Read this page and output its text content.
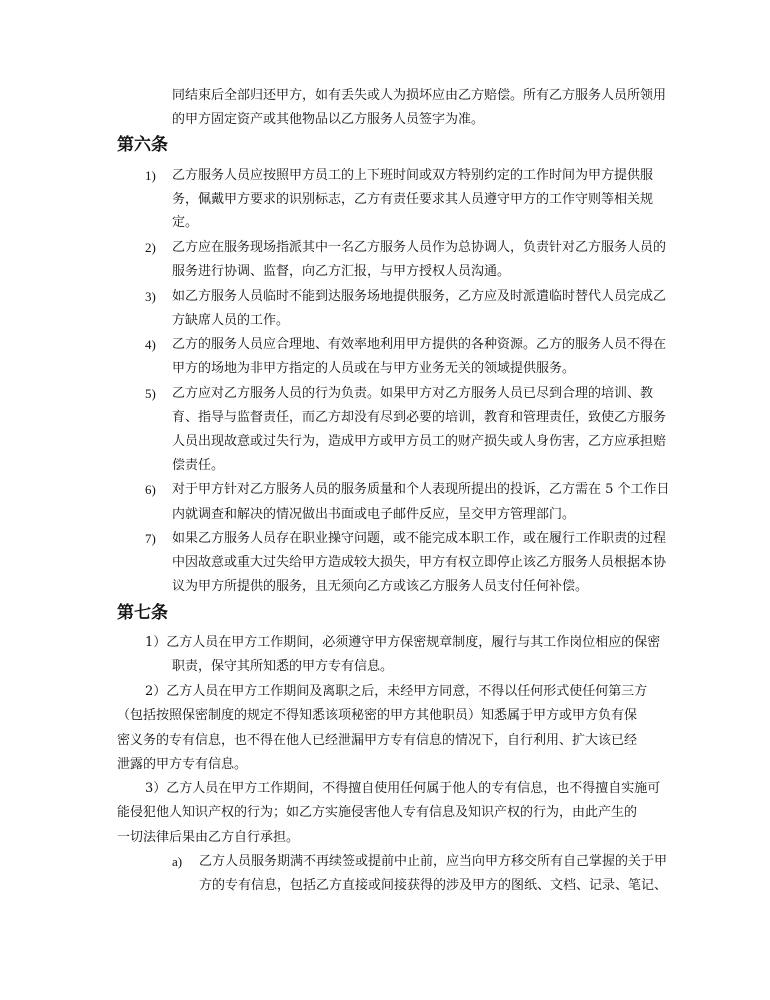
同结束后全部归还甲方，如有丢失或人为损坏应由乙方赔偿。所有乙方服务人员所领用
的甲方固定资产或其他物品以乙方服务人员签字为准。
第六条
1) 乙方服务人员应按照甲方员工的上下班时间或双方特别约定的工作时间为甲方提供服
务，佩戴甲方要求的识别标志，乙方有责任要求其人员遵守甲方的工作守则等相关规
定。
2) 乙方应在服务现场指派其中一名乙方服务人员作为总协调人，负责针对乙方服务人员的
服务进行协调、监督，向乙方汇报，与甲方授权人员沟通。
3) 如乙方服务人员临时不能到达服务场地提供服务，乙方应及时派遣临时替代人员完成乙
方缺席人员的工作。
4) 乙方的服务人员应合理地、有效率地利用甲方提供的各种资源。乙方的服务人员不得在
甲方的场地为非甲方指定的人员或在与甲方业务无关的领域提供服务。
5) 乙方应对乙方服务人员的行为负责。如果甲方对乙方服务人员已尽到合理的培训、教
育、指导与监督责任，而乙方却没有尽到必要的培训，教育和管理责任，致使乙方服务
人员出现故意或过失行为，造成甲方或甲方员工的财产损失或人身伤害，乙方应承担赔
偿责任。
6) 对于甲方针对乙方服务人员的服务质量和个人表现所提出的投诉，乙方需在 5 个工作日
内就调查和解决的情况做出书面或电子邮件反应，呈交甲方管理部门。
7) 如果乙方服务人员存在职业操守问题，或不能完成本职工作，或在履行工作职责的过程
中因故意或重大过失给甲方造成较大损失，甲方有权立即停止该乙方服务人员根据本协
议为甲方所提供的服务，且无须向乙方或该乙方服务人员支付任何补偿。
第七条
1）乙方人员在甲方工作期间，必须遵守甲方保密规章制度，履行与其工作岗位相应的保密
职责，保守其所知悉的甲方专有信息。
2）乙方人员在甲方工作期间及离职之后，未经甲方同意，不得以任何形式使任何第三方
（包括按照保密制度的规定不得知悉该项秘密的甲方其他职员）知悉属于甲方或甲方负有保
密义务的专有信息，也不得在他人已经泄漏甲方专有信息的情况下，自行利用、扩大该已经
泄露的甲方专有信息。
3）乙方人员在甲方工作期间，不得擅自使用任何属于他人的专有信息，也不得擅自实施可
能侵犯他人知识产权的行为；如乙方实施侵害他人专有信息及知识产权的行为，由此产生的
一切法律后果由乙方自行承担。
a) 乙方人员服务期满不再续签或提前中止前，应当向甲方移交所有自己掌握的关于甲
方的专有信息，包括乙方直接或间接获得的涉及甲方的图纸、文档、记录、笔记、
